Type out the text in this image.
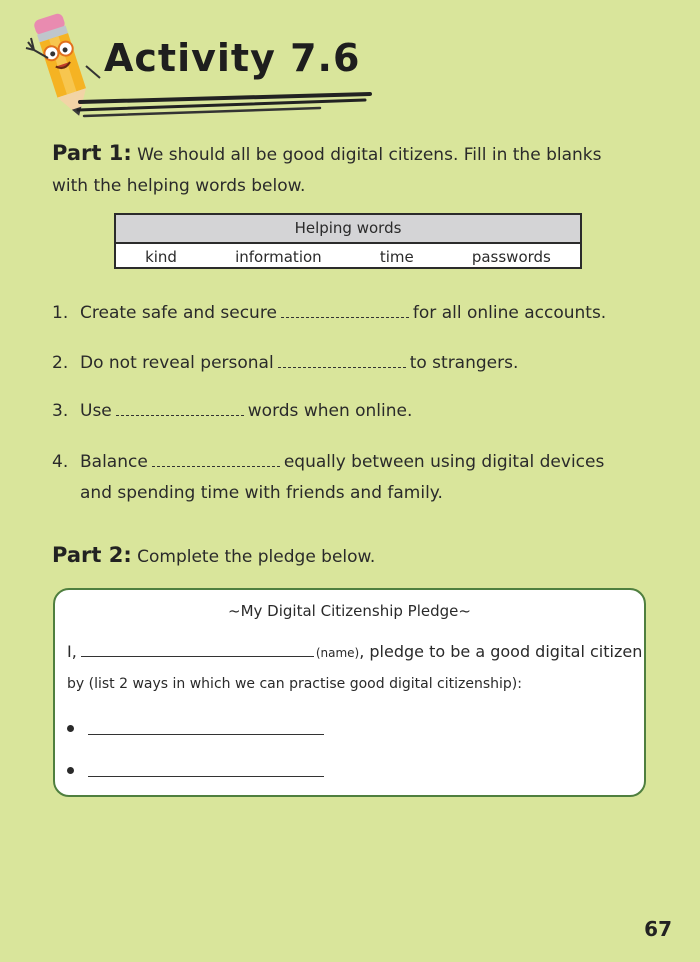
Activity 7.6
Part 1: We should all be good digital citizens. Fill in the blanks
with the helping words below.
Helping words
kind	information	time	passwords
1. Create safe and secure	for all online accounts.
2. Do not reveal personal	to strangers.
3. Use	words when online.
4. Balance	equally between using digital devices
and spending time with friends and family.
Part 2: Complete the pledge below.
~My Digital Citizenship Pledge~
I,	(name), pledge to be a good digital citizen
by (list 2 ways in which we can practise good digital citizenship):
67
